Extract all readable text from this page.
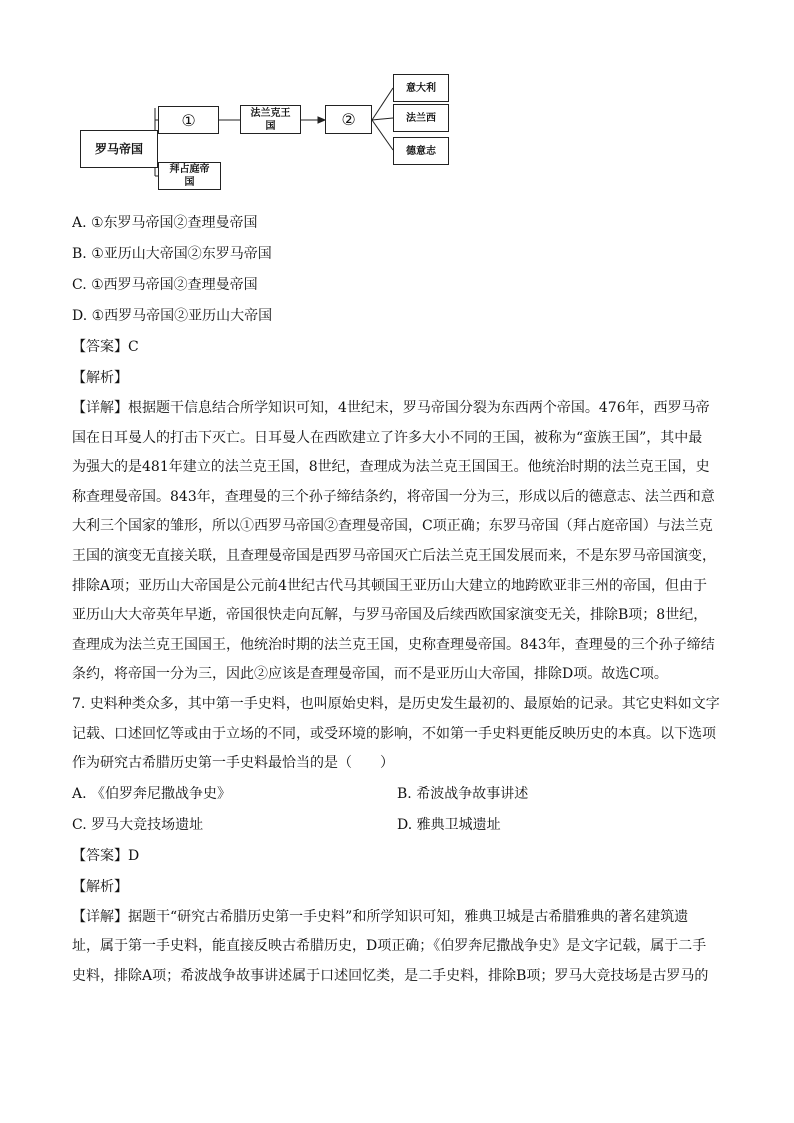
罗马帝国
①
拜占庭帝国
法兰克王国	②
意大利
法兰西
德意志
A. ①东罗马帝国②查理曼帝国
B. ①亚历山大帝国②东罗马帝国
C. ①西罗马帝国②查理曼帝国
D. ①西罗马帝国②亚历山大帝国
【答案】C
【解析】
【详解】根据题干信息结合所学知识可知，4世纪末，罗马帝国分裂为东西两个帝国。476年，西罗马帝
国在日耳曼人的打击下灭亡。日耳曼人在西欧建立了许多大小不同的王国，被称为“蛮族王国”，其中最
为强大的是481年建立的法兰克王国，8世纪，查理成为法兰克王国国王。他统治时期的法兰克王国，史
称查理曼帝国。843年，查理曼的三个孙子缔结条约，将帝国一分为三，形成以后的德意志、法兰西和意
大利三个国家的雏形，所以①西罗马帝国②查理曼帝国，C项正确；东罗马帝国（拜占庭帝国）与法兰克
王国的演变无直接关联，且查理曼帝国是西罗马帝国灭亡后法兰克王国发展而来，不是东罗马帝国演变，
排除A项；亚历山大帝国是公元前4世纪古代马其顿国王亚历山大建立的地跨欧亚非三州的帝国，但由于
亚历山大大帝英年早逝，帝国很快走向瓦解，与罗马帝国及后续西欧国家演变无关，排除B项；8世纪，
查理成为法兰克王国国王，他统治时期的法兰克王国，史称查理曼帝国。843年，查理曼的三个孙子缔结
条约，将帝国一分为三，因此②应该是查理曼帝国，而不是亚历山大帝国，排除D项。故选C项。
7. 史料种类众多，其中第一手史料，也叫原始史料，是历史发生最初的、最原始的记录。其它史料如文字
记载、口述回忆等或由于立场的不同，或受环境的影响，不如第一手史料更能反映历史的本真。以下选项
作为研究古希腊历史第一手史料最恰当的是（　　）
A. 《伯罗奔尼撒战争史》	B. 希波战争故事讲述
C. 罗马大竞技场遗址	D. 雅典卫城遗址
【答案】D
【解析】
【详解】据题干“研究古希腊历史第一手史料”和所学知识可知，雅典卫城是古希腊雅典的著名建筑遗
址，属于第一手史料，能直接反映古希腊历史，D项正确；《伯罗奔尼撒战争史》是文字记载，属于二手
史料，排除A项；希波战争故事讲述属于口述回忆类，是二手史料，排除B项；罗马大竞技场是古罗马的
